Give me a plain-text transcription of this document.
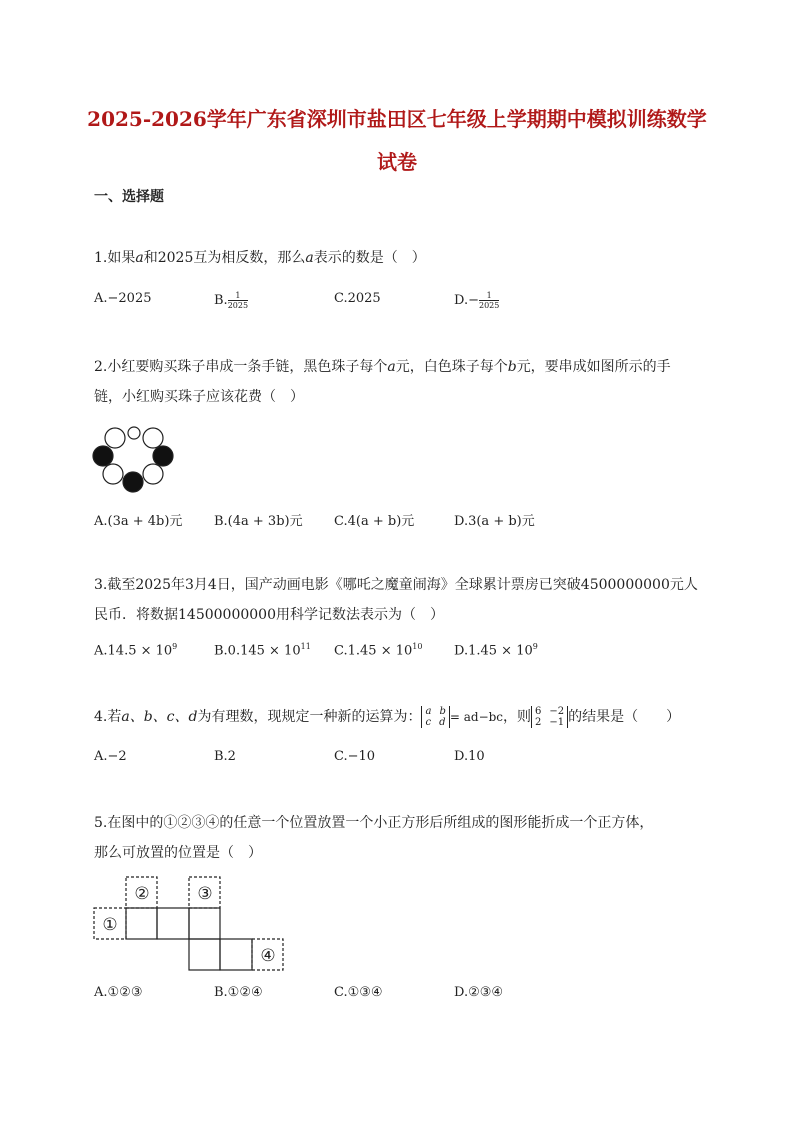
2025-2026学年广东省深圳市盐田区七年级上学期期中模拟训练数学
试卷
一、选择题
1.如果a和2025互为相反数，那么a表示的数是（　）
A.−2025	B. $\frac{1}{2025}$	C.2025	$D.- \frac{1}{2025}$
2.小红要购买珠子串成一条手链，黑色珠子每个a元，白色珠子每个b元，要串成如图所示的手
链，小红购买珠子应该花费（　）
A.(3a + 4b)元 B.(4a + 3b)元 C.4(a + b)元	D.3(a + b)元
3.截至2025年3月4日，国产动画电影《哪吒之魔童闹海》全球累计票房已突破4500000000元人
民币．将数据14500000000用科学记数法表示为（　）
$A.14.5 \times 10^9$	$B.0.145 \times 10^{11}$ $C.1.45 \times 10^{10}$ $D.1.45 \times 10^9$
4.若a、b、c、d为有理数，现规定一种新的运算为： a b
c d = ad−bc，则 6 −2
2 −1 的结果是（　　）
A.−2	B.2	C.−10	D.10
5.在图中的①②③④的任意一个位置放置一个小正方形后所组成的图形能折成一个正方体，
那么可放置的位置是（　）
①
②	③
④
A.①②③	B.①②④	C.①③④	D.②③④
